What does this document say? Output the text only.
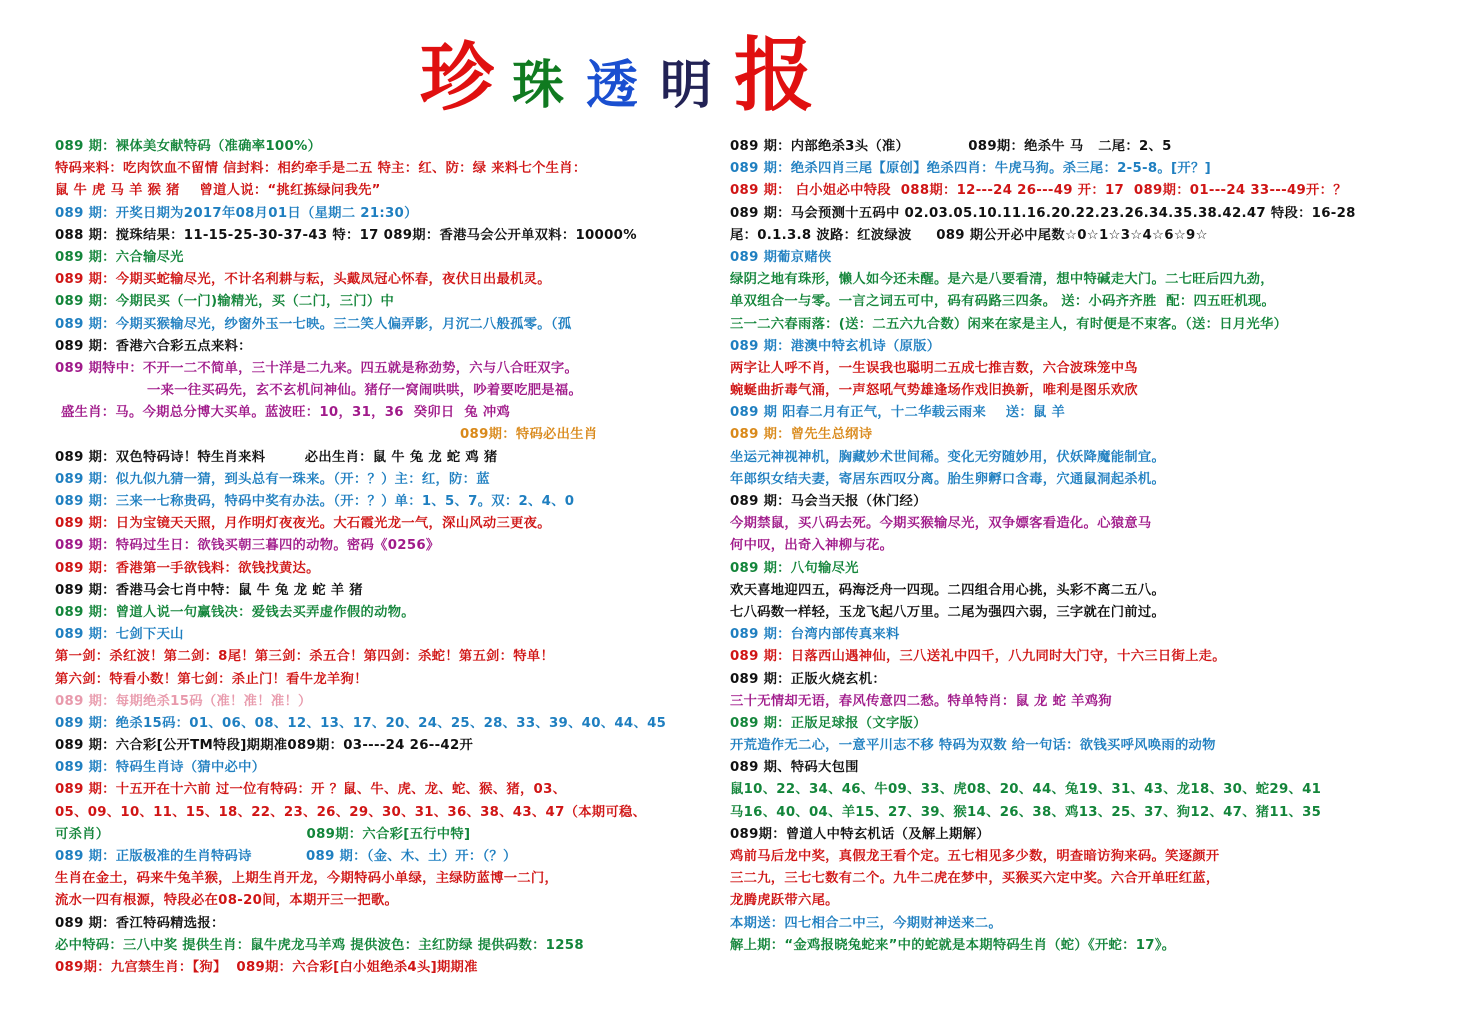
珍 珠 透 明 报
089 期：裸体美女献特码（准确率100%）
特码来料：吃肉饮血不留情 信封料：相约牵手是二五 特主：红、防：绿 来料七个生肖：
鼠 牛 虎 马 羊 猴 猪    曾道人说：“挑红拣绿问我先”
089 期：开奖日期为2017年08月01日（星期二 21:30）
088 期：搅珠结果：11-15-25-30-37-43 特：17 089期：香港马会公开单双料：10000%
089 期：六合输尽光
089 期：今期买蛇输尽光，不计名利耕与耘，头戴凤冠心怀春，夜伏日出最机灵。
089 期：今期民买（一门)输精光，买（二门，三门）中
089 期：今期买猴输尽光，纱窗外玉一七映。三二笑人偏弄影，月沉二八般孤零。（孤
089 期：香港六合彩五点来料：
089 期特中：不开一二不简单，三十洋是二九来。四五就是称劲势，六与八合旺双字。
一来一往买码先，玄不玄机问神仙。猪仔一窝闹哄哄，吵着要吃肥是福。
盛生肖：马。今期总分博大买单。蓝波旺：10，31，36  癸卯日  兔 冲鸡
089期：特码必出生肖
089 期：双色特码诗！特生肖来料        必出生肖：鼠 牛 兔 龙 蛇 鸡 猪
089 期：似九似九猜一猜，到头总有一珠来。（开：？）主：红，防：蓝
089 期：三来一七称贵码，特码中奖有办法。（开：？）单：1、5、7。双：2、4、0
089 期：日为宝镜天天照，月作明灯夜夜光。大石霞光龙一气，深山风动三更夜。
089 期：特码过生日：欲钱买朝三暮四的动物。密码《0256》
089 期：香港第一手欲钱料：欲钱找黄达。
089 期：香港马会七肖中特：鼠 牛 兔 龙 蛇 羊 猪
089 期：曾道人说一句赢钱决：爱钱去买弄虚作假的动物。
089 期：七剑下天山
第一剑：杀红波！第二剑：8尾！第三剑：杀五合！第四剑：杀蛇！第五剑：特单！
第六剑：特看小数！第七剑：杀止门！看牛龙羊狗！
089 期：每期绝杀15码（准！准！准！）
089 期：绝杀15码：01、06、08、12、13、17、20、24、25、28、33、39、40、44、45
089 期：六合彩[公开TM特段]期期准089期：03----24 26--42开
089 期：特码生肖诗（猜中必中）
089 期：十五开在十六前 过一位有特码：开 ？鼠、牛、虎、龙、蛇、猴、猪，03、
05、09、10、11、15、18、22、23、26、29、30、31、36、38、43、47（本期可稳、
可杀肖）                                        089期：六合彩[五行中特]
089 期：正版极准的生肖特码诗           089 期：（金、木、土）开：（？）
生肖在金土，码来牛兔羊猴，上期生肖开龙，今期特码小单绿，主绿防蓝博一二门，
流水一四有根源，特段必在08-20间，本期开三一把歌。
089 期：香江特码精选报：
必中特码：三八中奖 提供生肖：鼠牛虎龙马羊鸡 提供波色：主红防绿 提供码数：1258
089期：九宫禁生肖：【狗】  089期：六合彩[白小姐绝杀4头]期期准
089 期：内部绝杀3头（准）            089期：绝杀牛 马   二尾：2、5
089 期：绝杀四肖三尾【原创】绝杀四肖：牛虎马狗。杀三尾：2-5-8。[开？]
089 期： 白小姐必中特段  088期：12---24 26---49 开：17  089期：01---24 33---49开：？
089 期：马会预测十五码中 02.03.05.10.11.16.20.22.23.26.34.35.38.42.47 特段：16-28
尾：0.1.3.8 波路：红波绿波     089 期公开必中尾数☆0☆1☆3☆4☆6☆9☆
089 期葡京赌侠
绿阴之地有珠形，懒人如今还未醒。是六是八要看清，想中特碱走大门。二七旺后四九劲，
单双组合一与零。一言之词五可中，码有码路三四条。 送：小码齐齐胜  配：四五旺机现。
三一二六春雨落：(送：二五六九合数）闲来在家是主人，有时便是不束客。（送：日月光华）
089 期：港澳中特玄机诗（原版）
两字让人呼不肖，一生误我也聪明二五成七推吉数，六合波珠笼中鸟
蜿蜒曲折毒气涌，一声怒吼气势雄逢场作戏旧换新，唯利是图乐欢欣
089 期 阳春二月有正气，十二华载云雨来    送：鼠 羊
089 期：曾先生总纲诗
坐运元神视神机，胸藏妙术世间稀。变化无穷随妙用，伏妖降魔能制宜。
年郎织女结夫妻，寄居东西叹分离。胎生卵孵口含毒，穴通鼠洞起杀机。
089 期：马会当天报（休门经）
今期禁鼠，买八码去死。今期买猴输尽光，双争嫖客看造化。心猿意马
何中叹，出奇入神柳与花。
089 期：八句输尽光
欢天喜地迎四五，码海泛舟一四现。二四组合用心挑，头彩不离二五八。
七八码数一样轻，玉龙飞起八万里。二尾为强四六弱，三字就在门前过。
089 期：台湾内部传真来料
089 期：日落西山遇神仙，三八送礼中四千，八九同时大门守，十六三日街上走。
089 期：正版火烧玄机：
三十无情却无语，春风传意四二愁。特单特肖：鼠 龙 蛇 羊鸡狗
089 期：正版足球报（文字版）
开荒造作无二心，一意平川志不移 特码为双数 给一句话：欲钱买呼风唤雨的动物
089 期、特码大包围
鼠10、22、34、46、牛09、33、虎08、20、44、兔19、31、43、龙18、30、蛇29、41
马16、40、04、羊15、27、39、猴14、26、38、鸡13、25、37、狗12、47、猪11、35
089期：曾道人中特玄机话（及解上期解）
鸡前马后龙中奖，真假龙王看个定。五七相见多少数，明查暗访狗来码。笑逐颜开
三二九，三七七数有二个。九牛二虎在梦中，买猴买六定中奖。六合开单旺红蓝，
龙腾虎跃带六尾。
本期送：四七相合二中三，今期财神送来二。
解上期：“金鸡报晓兔蛇来”中的蛇就是本期特码生肖（蛇）《开蛇：17》。
